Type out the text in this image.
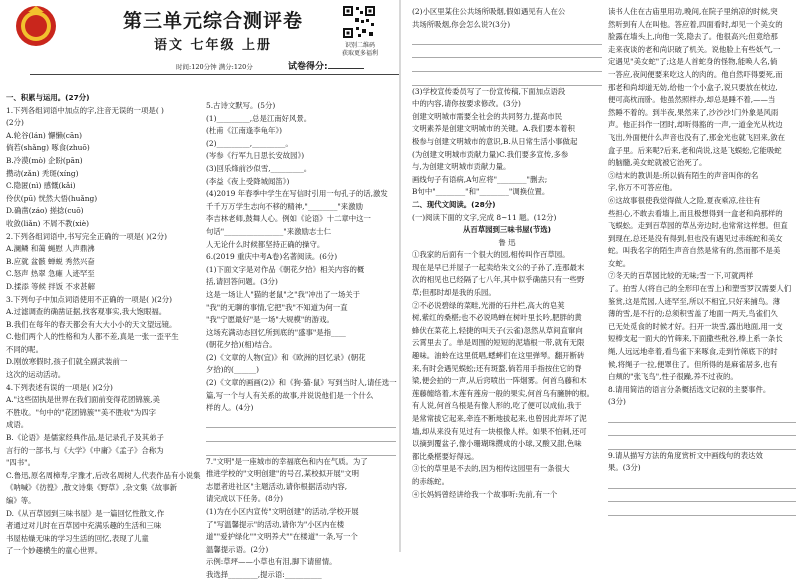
第三单元综合测评卷
语文 七年级 上册	识别二维码
获取更多福利
时间:120分钟 满分:120分	试卷得分:

一、积累与运用。(27分)

1.下列各组词语中加点的字,注音无误的一项是( )

(2分)

A.轮谷(lán) 懈懒(cān)

倘若(shǎng) 啄食(zhuō)

B.冷漠(mò) 企盼(pān)

攒动(zǎn) 秃斑(xíng)

C.隐匿(nì) 感慨(kǎi)

伶伏(pū) 恍然大悟(huǎng)

D.确凿(záo) 搓捻(cuō)

收敛(liǎn) 不屑不教(xiè)

2.下列各组词语中,书写完全正确的一项是( )(2分)

A.澜鳞 和蔼 蝇慰 人声鼎沸

B.应就 盆骸 蝉蜕 秀然兴奋

C.怒声 热翠 急瘫 人迹罕至

D.揉添 等候 拌饭 不求甚解

3.下列句子中加点词语使用不正确的一项是( )(2分)

A.过滤调查的确凿证据,找客观事实,我大饱眼福。

B.我们在每年的春天都会有大大小小的天文望远镜。

C.他们两个人的性格和为人都不差,真是一张一歪平生

不同的呢。

D.刚放寒假时,孩子们就全副武装前一

这次的运动活动。

4.下列表述有误的一项是( )(2分)

A."这些固执是世界在我们面前变得花团锦簇,美

不胜收。"句中的"花团锦簇""美不胜收"为四字

成语。

B.《论语》是儒家经典作品,是记录孔子及其弟子

言行的一部书,与《大学》《中庸》《孟子》合称为

"四书"。

C.鲁迅,原名周樟寿,字豫才,后改名周树人,代表作品有小说集

《呐喊》《彷徨》,散文诗集《野草》,杂文集《故事新

编》等。

D.《从百草园到三味书屋》是一篇回忆性散文,作

者通过对儿时在百草园中充满乐趣的生活和三味

书屋枯燥无味的学习生活的回忆,表现了儿童

了一个妙趣横生的童心世界。

5.古诗文默写。(5分)

(1)_________,总是江南好风景。

(杜甫《江南逢李龟年》)

(2)_________,_________。

(岑参《行军九日思长安故园》)

(3)回乐烽前沙似雪,_________。

(李益《夜上受降城闻笛》)

(4)2019 年春季中学生在写信时引用一句孔子的话,激发

千千万万学生志向不移的精神,"________"来激励

李吉林老师,鼓舞人心。例如《论语》十二章中这一

句话"________________"来激励志士仁

人无论什么时候都坚持正确的操守。

6.(2019 重庆中考A卷)名著阅读。(6分)

(1)下面文字是对作品《朝花夕拾》相关内容的概

括,请回答问题。(3分)

这是一场让人"猫的老鼠"之"我"冲出了一场关于

"我"的无聊的事情,它把"我"不知道为何一直

"我"宁愿最好"是一场"大规模"的游戏。

这场充满动态回忆所到底的"盛事"是指____

(朝花夕拾)(相)结合。

(2)《文章的人物(宜)》和《欧洲的回忆录》(朝花

夕拾)的(______)

(2)《文章的画画(2)》和《狗·猫·鼠》写到当时人,请任选一

篇,写一个与人有关系的故事,并说说他们是一个什么

样的人。(4分)

7."文明"是一座城市的幸福底色和内在气质。为了

推进学校的"文明创建"的号召,某校拟开展"文明

志愿者进社区"主题活动,请你根据活动内容,

请完成以下任务。(8分)

(1)为在小区内宣传"文明创建"的活动,学校开展

了"写温馨提示"的活动,请你为"小区内在楼

道""爱护绿化""文明养犬""在楼道"一条,写一个

温馨提示语。(2分)

示例:草坪——小草也有泪,脚下请留情。

我选择________,提示语:__________

(2)小区里某住公共场所吸烟,假如遇见有人在公

共场所吸烟,你会怎么说?(3分)

(3)学校宣传委员写了一份宣传稿,下面加点语段

中的内容,请你按要求修改。(3分)

创建文明城市需要全社会的共同努力,提高市民

文明素养是创建文明城市的关键。A.我们要本着积

极参与创建文明城市的意识,B.从日常生活小事做起

(为创建文明城市贡献力量)C.我们要多宣传,多参

与,为创建文明城市贡献力量。

画线句子有语病,A句应将"________"删去;

B句中"________"和"________"调换位置。

二、现代文阅读。(28分)

(一)阅读下面的文字,完成 8~11 题。(12分)

从百草园到三味书屋(节选)

鲁 迅

①我家的后面有一个很大的园,相传叫作百草园。

现在是早已并屋子一起卖给朱文公的子孙了,连那最末

次的相见也已经隔了七八年,其中似乎确凿只有一些野

草;但那时却是我的乐园。

②不必说碧绿的菜畦,光滑的石井栏,高大的皂荚

树,紫红的桑椹;也不必说鸣蝉在树叶里长吟,肥胖的黄

蜂伏在菜花上,轻捷的叫天子(云雀)忽然从草间直窜向

云霄里去了。单是周围的短短的泥墙根一带,就有无限

趣味。油蛉在这里低唱,蟋蟀们在这里弹琴。翻开断砖

来,有时会遇见蜈蚣;还有斑蝥,倘若用手指按住它的脊

梁,便会拍的一声,从后窍喷出一阵烟雾。何首乌藤和木

莲藤缠络着,木莲有莲房一般的果实,何首乌有臃肿的根。

有人说,何首乌根是有像人形的,吃了便可以成仙,我于

是常常拔它起来,牵连不断地拔起来,也曾因此弄坏了泥

墙,却从来没有见过有一块根像人样。如果不怕刺,还可

以摘到覆盆子,像小珊瑚珠攒成的小球,又酸又甜,色味

都比桑椹要好得远。

③长的草里是不去的,因为相传这园里有一条很大

的赤练蛇。

④长妈妈曾经讲给我一个故事听:先前,有一个

读书人住在古庙里用功,晚间,在院子里纳凉的时候,突

然听到有人在叫他。答应着,四面看时,却见一个美女的

脸露在墙头上,向他一笑,隐去了。他很高兴;但竟给那

走来夜谈的老和尚识破了机关。说他脸上有些妖气,一

定遇见"美女蛇"了;这是人首蛇身的怪物,能唤人名,倘

一答应,夜间便要来吃这人的肉的。他自然吓得要死,而

那老和尚却道无妨,给他一个小盒子,说只要放在枕边,

便可高枕而卧。他虽然照样办,却总是睡不着,——当

然睡不着的。到半夜,果然来了,沙沙沙!门外象是风雨

声。他正抖作一团时,却听得豁的一声,一道金光从枕边

飞出,外面便什么声音也没有了,那金光也就飞回来,敛在

盒子里。后来呢?后来,老和尚说,这是飞蜈蚣,它能吸蛇

的脑髓,美女蛇就被它治死了。

⑤结末的教训是:所以倘有陌生的声音叫你的名

字,你万不可答应他。

⑥这故事很使我觉得做人之险,夏夜乘凉,往往有

些担心,不敢去看墙上,而且极想得到一盒老和尚那样的

飞蜈蚣。走到百草园的草丛旁边时,也常常这样想。但直

到现在,总还是没有得到,但也没有遇见过赤练蛇和美女

蛇。叫我名字的陌生声音自然是常有的,然而都不是美

女蛇。

⑦冬天的百草园比较的无味;雪一下,可就两样

了。拍雪人(将自己的全形印在雪上)和塑雪罗汉需要人们

鉴赏,这是荒园,人迹罕至,所以不相宜,只好来捕鸟。薄

薄的雪,是不行的;总须积雪盖了地面一两天,鸟雀们久

已无处觅食的时候才好。扫开一块雪,露出地面,用一支

短棒支起一面大的竹筛来,下面撒些秕谷,棒上系一条长

绳,人远远地牵着,看鸟雀下来啄食,走到竹筛底下的时

候,将绳子一拉,便罩住了。但所得的是麻雀居多,也有

白颊的"张飞鸟",性子很躁,养不过夜的。

8.请用简洁的语言分条概括选文记叙的主要事件。

(3分)

9.请从描写方法的角度赏析文中画线句的表达效

果。(3分)
